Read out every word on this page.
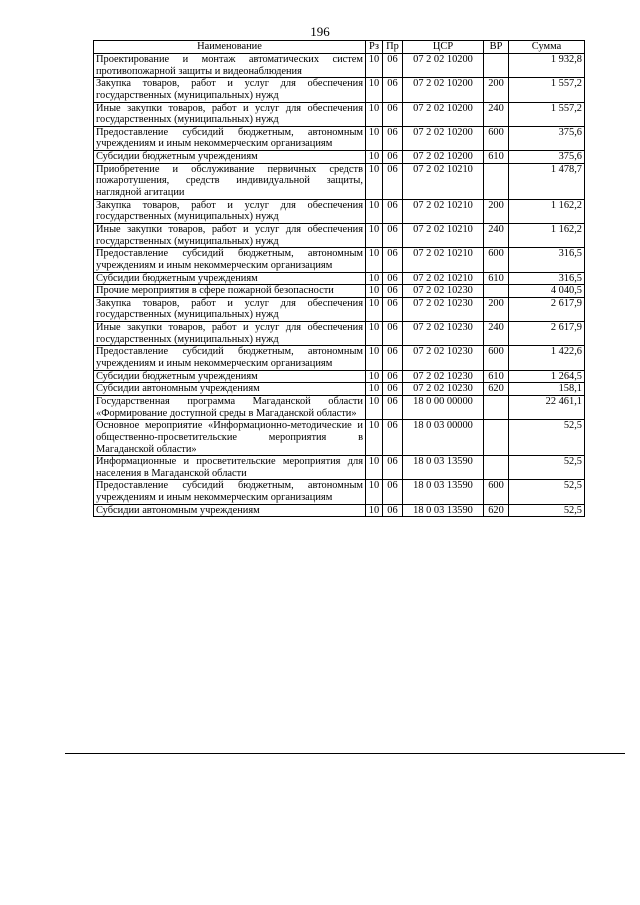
196
Наименование	Рз	Пр	ЦСР	ВР	Сумма
Проектирование и монтаж автоматических систем противопожарной защиты и видеонаблюдения	10	06	07 2 02 10200		1 932,8
Закупка товаров, работ и услуг для обеспечения государственных (муниципальных) нужд	10	06	07 2 02 10200	200	1 557,2
Иные закупки товаров, работ и услуг для обеспечения государственных (муниципальных) нужд	10	06	07 2 02 10200	240	1 557,2
Предоставление субсидий бюджетным, автономным учреждениям и иным некоммерческим организациям	10	06	07 2 02 10200	600	375,6
Субсидии бюджетным учреждениям	10	06	07 2 02 10200	610	375,6
Приобретение и обслуживание первичных средств пожаротушения, средств индивидуальной защиты, наглядной агитации	10	06	07 2 02 10210		1 478,7
Закупка товаров, работ и услуг для обеспечения государственных (муниципальных) нужд	10	06	07 2 02 10210	200	1 162,2
Иные закупки товаров, работ и услуг для обеспечения государственных (муниципальных) нужд	10	06	07 2 02 10210	240	1 162,2
Предоставление субсидий бюджетным, автономным учреждениям и иным некоммерческим организациям	10	06	07 2 02 10210	600	316,5
Субсидии бюджетным учреждениям	10	06	07 2 02 10210	610	316,5
Прочие мероприятия в сфере пожарной безопасности	10	06	07 2 02 10230		4 040,5
Закупка товаров, работ и услуг для обеспечения государственных (муниципальных) нужд	10	06	07 2 02 10230	200	2 617,9
Иные закупки товаров, работ и услуг для обеспечения государственных (муниципальных) нужд	10	06	07 2 02 10230	240	2 617,9
Предоставление субсидий бюджетным, автономным учреждениям и иным некоммерческим организациям	10	06	07 2 02 10230	600	1 422,6
Субсидии бюджетным учреждениям	10	06	07 2 02 10230	610	1 264,5
Субсидии автономным учреждениям	10	06	07 2 02 10230	620	158,1
Государственная программа Магаданской области «Формирование доступной среды в Магаданской области»	10	06	18 0 00 00000		22 461,1
Основное мероприятие «Информационно-методические и общественно-просветительские мероприятия в Магаданской области»	10	06	18 0 03 00000		52,5
Информационные и просветительские мероприятия для населения в Магаданской области	10	06	18 0 03 13590		52,5
Предоставление субсидий бюджетным, автономным учреждениям и иным некоммерческим организациям	10	06	18 0 03 13590	600	52,5
Субсидии автономным учреждениям	10	06	18 0 03 13590	620	52,5
